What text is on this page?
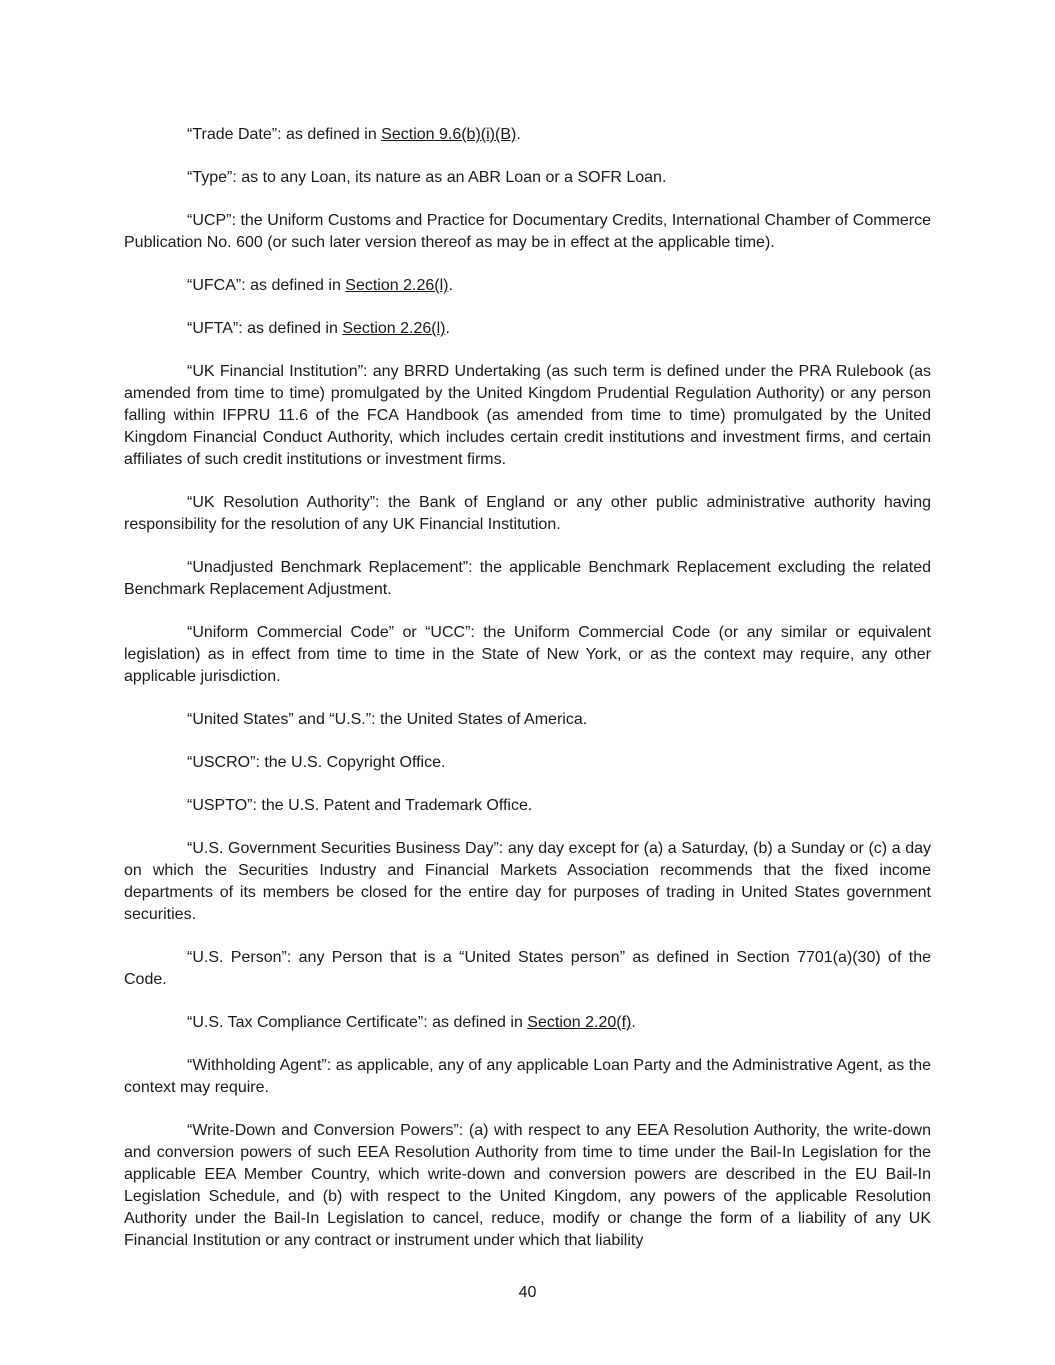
“Trade Date”: as defined in Section 9.6(b)(i)(B).

“Type”: as to any Loan, its nature as an ABR Loan or a SOFR Loan.

“UCP”: the Uniform Customs and Practice for Documentary Credits, International Chamber of Commerce Publication No. 600 (or such later version thereof as may be in effect at the applicable time).

“UFCA”: as defined in Section 2.26(l).

“UFTA”: as defined in Section 2.26(l).

“UK Financial Institution”: any BRRD Undertaking (as such term is defined under the PRA Rulebook (as amended from time to time) promulgated by the United Kingdom Prudential Regulation Authority) or any person falling within IFPRU 11.6 of the FCA Handbook (as amended from time to time) promulgated by the United Kingdom Financial Conduct Authority, which includes certain credit institutions and investment firms, and certain affiliates of such credit institutions or investment firms.

“UK Resolution Authority”: the Bank of England or any other public administrative authority having responsibility for the resolution of any UK Financial Institution.

“Unadjusted Benchmark Replacement”: the applicable Benchmark Replacement excluding the related Benchmark Replacement Adjustment.

“Uniform Commercial Code” or “UCC”: the Uniform Commercial Code (or any similar or equivalent legislation) as in effect from time to time in the State of New York, or as the context may require, any other applicable jurisdiction.

“United States” and “U.S.”: the United States of America.

“USCRO”: the U.S. Copyright Office.

“USPTO”: the U.S. Patent and Trademark Office.

“U.S. Government Securities Business Day”: any day except for (a) a Saturday, (b) a Sunday or (c) a day on which the Securities Industry and Financial Markets Association recommends that the fixed income departments of its members be closed for the entire day for purposes of trading in United States government securities.

“U.S. Person”: any Person that is a “United States person” as defined in Section 7701(a)(30) of the Code.

“U.S. Tax Compliance Certificate”: as defined in Section 2.20(f).

“Withholding Agent”: as applicable, any of any applicable Loan Party and the Administrative Agent, as the context may require.

“Write-Down and Conversion Powers”: (a) with respect to any EEA Resolution Authority, the write-down and conversion powers of such EEA Resolution Authority from time to time under the Bail-In Legislation for the applicable EEA Member Country, which write-down and conversion powers are described in the EU Bail-In Legislation Schedule, and (b) with respect to the United Kingdom, any powers of the applicable Resolution Authority under the Bail-In Legislation to cancel, reduce, modify or change the form of a liability of any UK Financial Institution or any contract or instrument under which that liability

40
